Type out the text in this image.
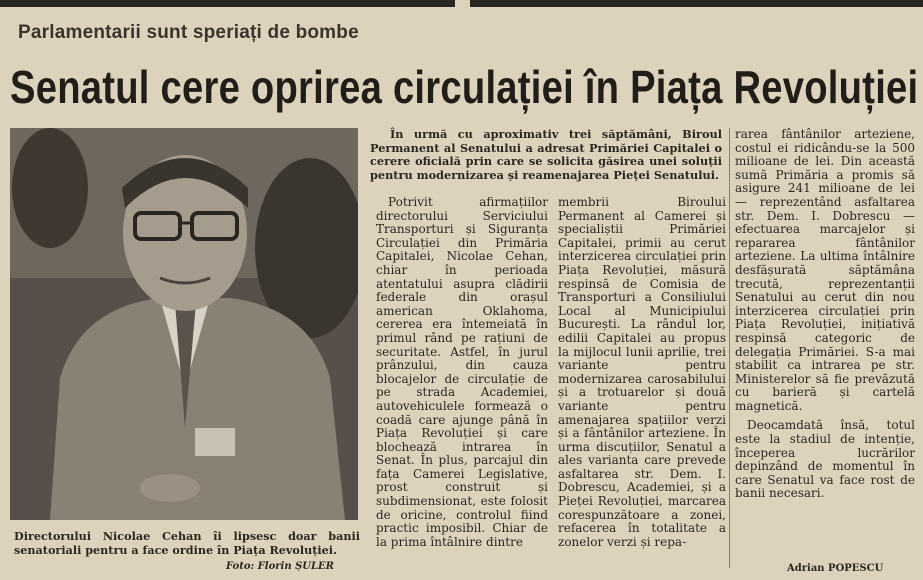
Parlamentarii sunt speriați de bombe
Senatul cere oprirea circulației în Piața Revoluției
Directorului Nicolae Cehan îi lipsesc doar banii senatoriali pentru a face ordine în Piața Revoluției.
Foto: Florin ȘULER

În urmă cu aproximativ trei săptămâni, Biroul Permanent al Senatului a adresat Primăriei Capitalei o cerere oficială prin care se solicita găsirea unei soluții pentru modernizarea și reamenajarea Pieței Senatului.

Potrivit afirmațiilor directorului Serviciului Transporturi și Siguranța Circulației din Primăria Capitalei, Nicolae Cehan, chiar în perioada atentatului asupra clădirii federale din orașul american Oklahoma, cererea era întemeiată în primul rând pe rațiuni de securitate. Astfel, în jurul prânzului, din cauza blocajelor de circulație de pe strada Academiei, autovehiculele formează o coadă care ajunge până în Piața Revoluției și care blochează intrarea în Senat. În plus, parcajul din fața Camerei Legislative, prost construit și subdimensionat, este folosit de oricine, controlul fiind practic imposibil. Chiar de la prima întâlnire dintre

membrii Biroului Permanent al Camerei și specialiștii Primăriei Capitalei, primii au cerut interzicerea circulației prin Piața Revoluției, măsură respinsă de Comisia de Transporturi a Consiliului Local al Municipiului București. La rândul lor, edilii Capitalei au propus la mijlocul lunii aprilie, trei variante pentru modernizarea carosabilului și a trotuarelor și două variante pentru amenajarea spațiilor verzi și a fântânilor arteziene. În urma discuțiilor, Senatul a ales varianta care prevede asfaltarea str. Dem. I. Dobrescu, Academiei, și a Pieței Revoluției, marcarea corespunzătoare a zonei, refacerea în totalitate a zonelor verzi și repa-

rarea fântânilor arteziene, costul ei ridicându-se la 500 milioane de lei. Din această sumă Primăria a promis să asigure 241 milioane de lei — reprezentând asfaltarea str. Dem. I. Dobrescu — efectuarea marcajelor și repararea fântânilor arteziene. La ultima întâlnire desfășurată săptămâna trecută, reprezentanții Senatului au cerut din nou interzicerea circulației prin Piața Revoluției, inițiativă respinsă categoric de delegația Primăriei. S-a mai stabilit ca intrarea pe str. Ministerelor să fie prevăzută cu barieră și cartelă magnetică.

Deocamdată însă, totul este la stadiul de intenție, începerea lucrărilor depinzând de momentul în care Senatul va face rost de banii necesari.

Adrian POPESCU
